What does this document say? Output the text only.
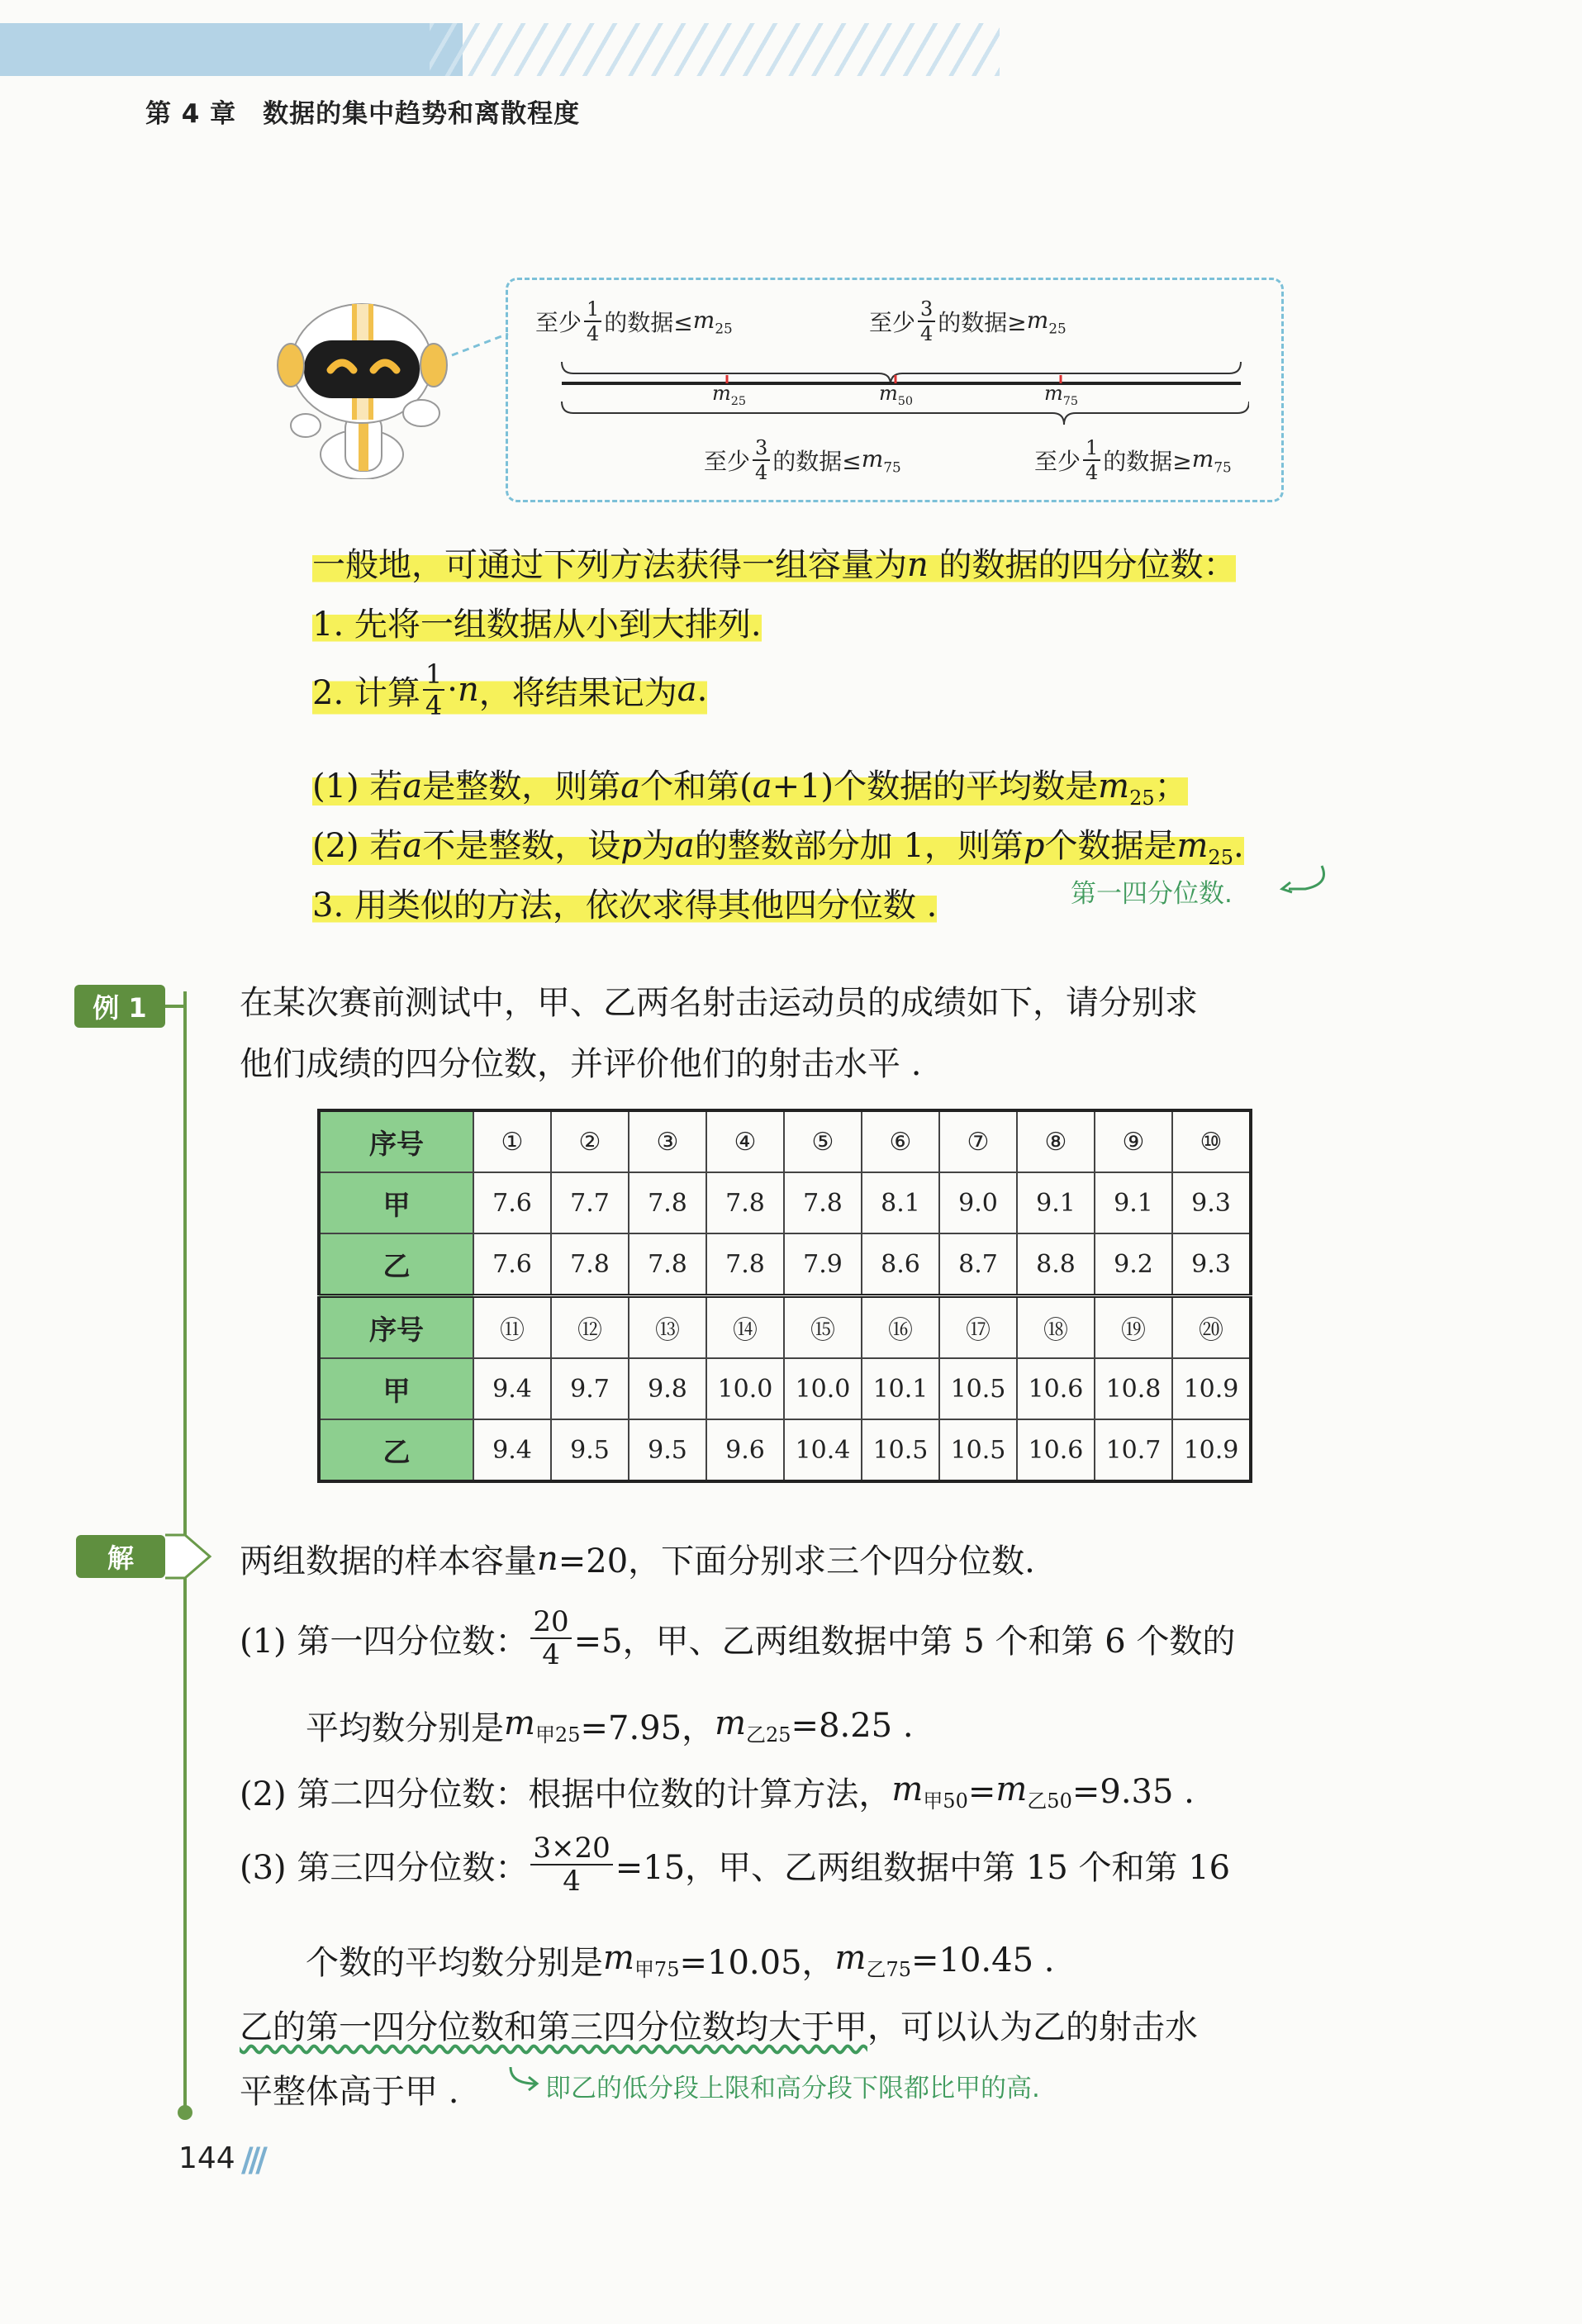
第 4 章　数据的集中趋势和离散程度
至少 $\frac{1}{4}$ 的数据≤ $m_{25}$	至少 $\frac{3}{4}$ 的数据≥ $m_{25}$
$m_{25}$	$m_{50}$	$m_{75}$
至少 $\frac{3}{4}$ 的数据≤ $m_{75}$	至少 $\frac{1}{4}$ 的数据≥ $m_{75}$
一般地，可通过下列方法获得一组容量为n 的数据的四分位数：
1. 先将一组数据从小到大排列.
2. 计算 $\frac{1}{4} \cdot n$ ，将结果记为 a .
(1) 若a是整数，则第a个和第(a+1)个数据的平均数是$m_{25}$；
(2) 若a不是整数，设p为a的整数部分加 1，则第p个数据是$m_{25}$.
3. 用类似的方法，依次求得其他四分位数 .	第一四分位数.
例 1
解
在某次赛前测试中，甲、乙两名射击运动员的成绩如下，请分别求
他们成绩的四分位数，并评价他们的射击水平 .
序号	①	②	③	④	⑤	⑥	⑦	⑧	⑨	⑩
甲	7.6	7.7	7.8	7.8	7.8	8.1	9.0	9.1	9.1	9.3
乙	7.6	7.8	7.8	7.8	7.9	8.6	8.7	8.8	9.2	9.3
序号	⑪	⑫	⑬	⑭	⑮	⑯	⑰	⑱	⑲	⑳
甲	9.4	9.7	9.8	10.0	10.0	10.1	10.5	10.6	10.8	10.9
乙	9.4	9.5	9.5	9.6	10.4	10.5	10.5	10.6	10.7	10.9
两组数据的样本容量 n =20，下面分别求三个四分位数.
(1) 第一四分位数： $\frac{20}{4} =5$，甲、乙两组数据中第 5 个和第 6 个数的
平均数分别是 $m_{甲25} =7.95$， $m_{乙25} =8.25$ .
(2) 第二四分位数：根据中位数的计算方法， $m_{甲50} = m_{乙50} =9.35$ .
(3) 第三四分位数： $\frac{3\times 20}{4} =15$，甲、乙两组数据中第 15 个和第 16
个数的平均数分别是 $m_{甲75} =10.05$， $m_{乙75} =10.45$ .
乙的第一四分位数和第三四分位数均大于甲 ，可以认为乙的射击水
平整体高于甲 .	即乙的低分段上限和高分段下限都比甲的高.
144 ///
